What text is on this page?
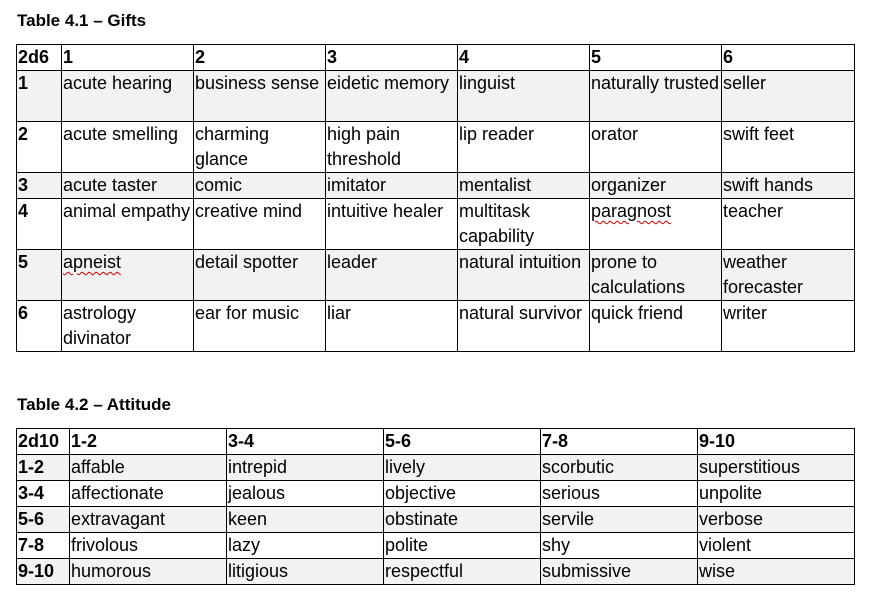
Table 4.1 – Gifts
2d6	1	2	3	4	5	6
1	acute hearing	business sense	eidetic memory	linguist	naturally trusted	seller
2	acute smelling	charming glance	high pain threshold	lip reader	orator	swift feet
3	acute taster	comic	imitator	mentalist	organizer	swift hands
4	animal empathy	creative mind	intuitive healer	multitask capability	paragnost	teacher
5	apneist	detail spotter	leader	natural intuition	prone to calculations	weather forecaster
6	astrology divinator	ear for music	liar	natural survivor	quick friend	writer
Table 4.2 – Attitude
2d10	1-2	3-4	5-6	7-8	9-10
1-2	affable	intrepid	lively	scorbutic	superstitious
3-4	affectionate	jealous	objective	serious	unpolite
5-6	extravagant	keen	obstinate	servile	verbose
7-8	frivolous	lazy	polite	shy	violent
9-10	humorous	litigious	respectful	submissive	wise
